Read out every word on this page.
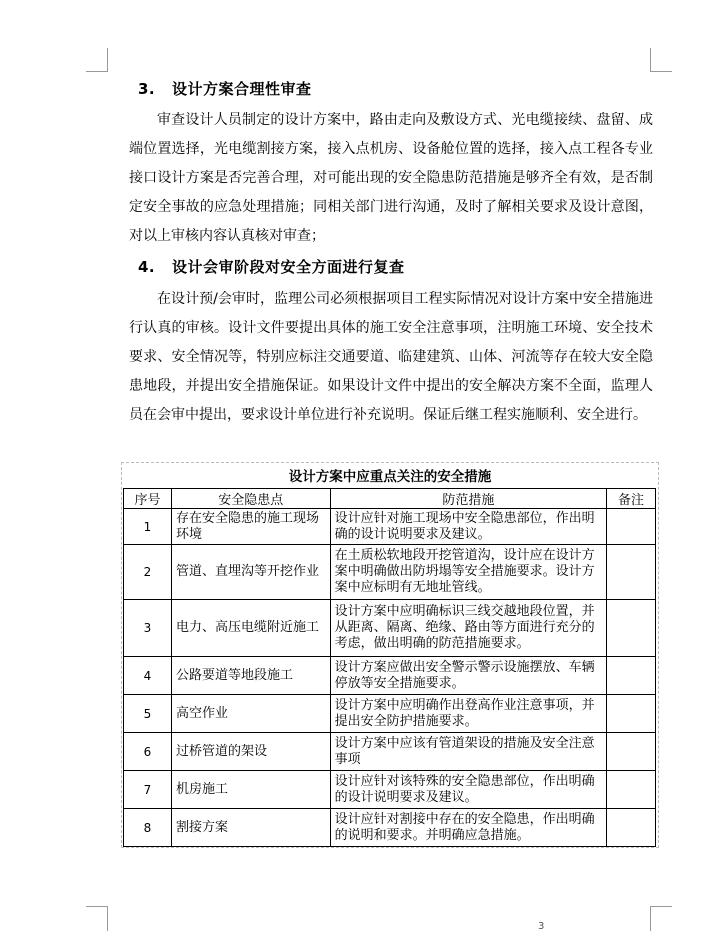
3. 设计方案合理性审查
审查设计人员制定的设计方案中，路由走向及敷设方式、光电缆接续、盘留、成端位置选择，光电缆割接方案，接入点机房、设备舱位置的选择，接入点工程各专业接口设计方案是否完善合理，对可能出现的安全隐患防范措施是够齐全有效，是否制定安全事故的应急处理措施；同相关部门进行沟通，及时了解相关要求及设计意图，对以上审核内容认真核对审查；
4. 设计会审阶段对安全方面进行复查
在设计预/会审时，监理公司必须根据项目工程实际情况对设计方案中安全措施进行认真的审核。设计文件要提出具体的施工安全注意事项，注明施工环境、安全技术要求、安全情况等，特别应标注交通要道、临建建筑、山体、河流等存在较大安全隐患地段，并提出安全措施保证。如果设计文件中提出的安全解决方案不全面，监理人员在会审中提出，要求设计单位进行补充说明。保证后继工程实施顺利、安全进行。
设计方案中应重点关注的安全措施
序号	安全隐患点	防范措施	备注
1	存在安全隐患的施工现场环境	设计应针对施工现场中安全隐患部位，作出明确的设计说明要求及建议。	
2	管道、直埋沟等开挖作业	在土质松软地段开挖管道沟，设计应在设计方案中明确做出防坍塌等安全措施要求。设计方案中应标明有无地址管线。	
3	电力、高压电缆附近施工	设计方案中应明确标识三线交越地段位置，并从距离、隔离、绝缘、路由等方面进行充分的考虑，做出明确的防范措施要求。	
4	公路要道等地段施工	设计方案应做出安全警示警示设施摆放、车辆停放等安全措施要求。	
5	高空作业	设计方案中应明确作出登高作业注意事项，并提出安全防护措施要求。	
6	过桥管道的架设	设计方案中应该有管道架设的措施及安全注意事项	
7	机房施工	设计应针对该特殊的安全隐患部位，作出明确的设计说明要求及建议。	
8	割接方案	设计应针对割接中存在的安全隐患，作出明确的说明和要求。并明确应急措施。	
3
